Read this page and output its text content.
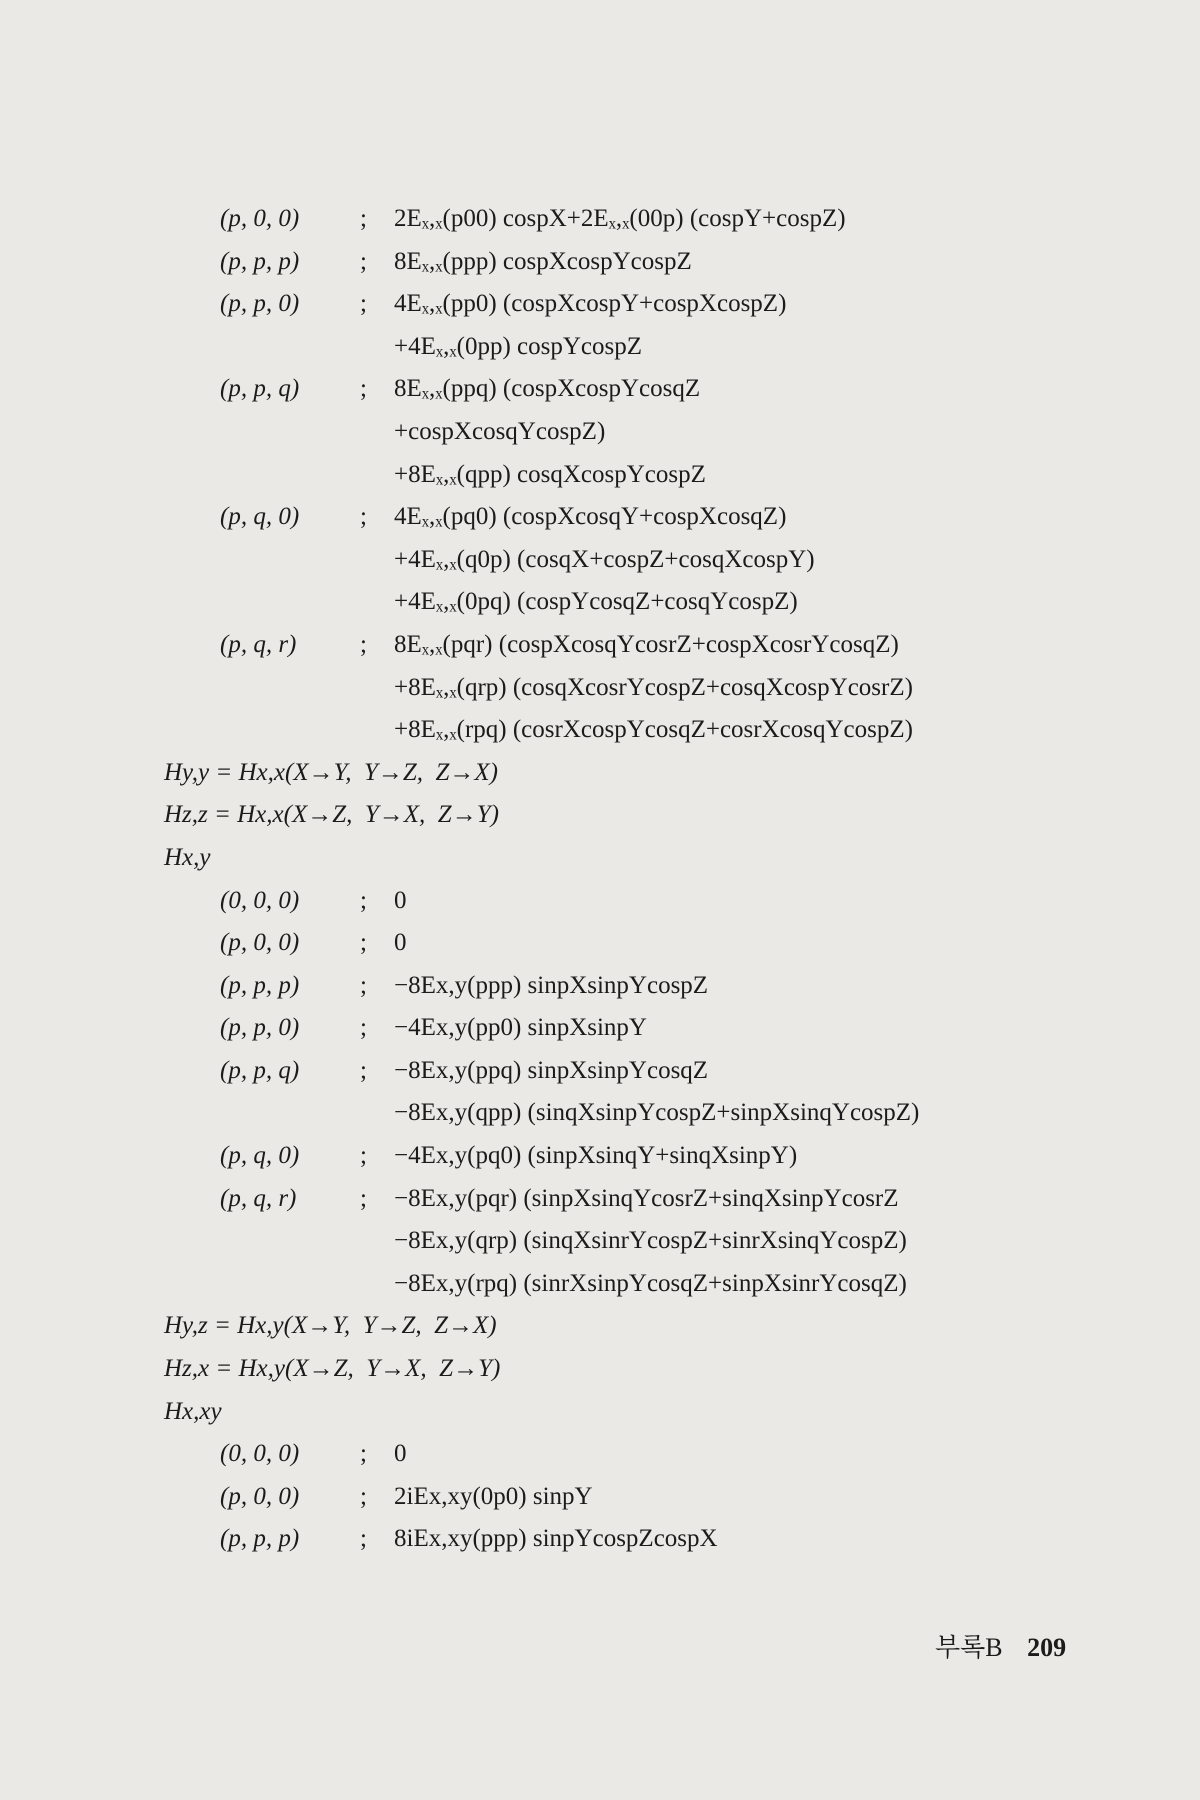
(p, 0, 0) ; 2Eₓ,ₓ(p00) cospX+2Eₓ,ₓ(00p) (cospY+cospZ)
(p, p, p) ; 8Eₓ,ₓ(ppp) cospXcospYcospZ
(p, p, 0) ; 4Eₓ,ₓ(pp0) (cospXcospY+cospXcospZ)
+4Eₓ,ₓ(0pp) cospYcospZ
(p, p, q) ; 8Eₓ,ₓ(ppq) (cospXcospYcosqZ
+cospXcosqYcospZ)
+8Eₓ,ₓ(qpp) cosqXcospYcospZ
(p, q, 0) ; 4Eₓ,ₓ(pq0) (cospXcosqY+cospXcosqZ)
+4Eₓ,ₓ(q0p) (cosqX+cospZ+cosqXcospY)
+4Eₓ,ₓ(0pq) (cospYcosqZ+cosqYcospZ)
(p, q, r)	; 8Eₓ,ₓ(pqr) (cospXcosqYcosrZ+cospXcosrYcosqZ)
+8Eₓ,ₓ(qrp) (cosqXcosrYcospZ+cosqXcospYcosrZ)
+8Eₓ,ₓ(rpq) (cosrXcospYcosqZ+cosrXcosqYcospZ)
Hy,y = Hx,x(X→Y,  Y→Z,  Z→X)
Hz,z = Hx,x(X→Z,  Y→X,  Z→Y)
Hx,y
(0, 0, 0) ; 0
(p, 0, 0) ; 0
(p, p, p) ; −8Ex,y(ppp) sinpXsinpYcospZ
(p, p, 0) ; −4Ex,y(pp0) sinpXsinpY
(p, p, q) ; −8Ex,y(ppq) sinpXsinpYcosqZ
−8Ex,y(qpp) (sinqXsinpYcospZ+sinpXsinqYcospZ)
(p, q, 0) ; −4Ex,y(pq0) (sinpXsinqY+sinqXsinpY)
(p, q, r)	; −8Ex,y(pqr) (sinpXsinqYcosrZ+sinqXsinpYcosrZ
−8Ex,y(qrp) (sinqXsinrYcospZ+sinrXsinqYcospZ)
−8Ex,y(rpq) (sinrXsinpYcosqZ+sinpXsinrYcosqZ)
Hy,z = Hx,y(X→Y,  Y→Z,  Z→X)
Hz,x = Hx,y(X→Z,  Y→X,  Z→Y)
Hx,xy
(0, 0, 0) ; 0
(p, 0, 0) ; 2iEx,xy(0p0) sinpY
(p, p, p) ; 8iEx,xy(ppp) sinpYcospZcospX
부록B 209
